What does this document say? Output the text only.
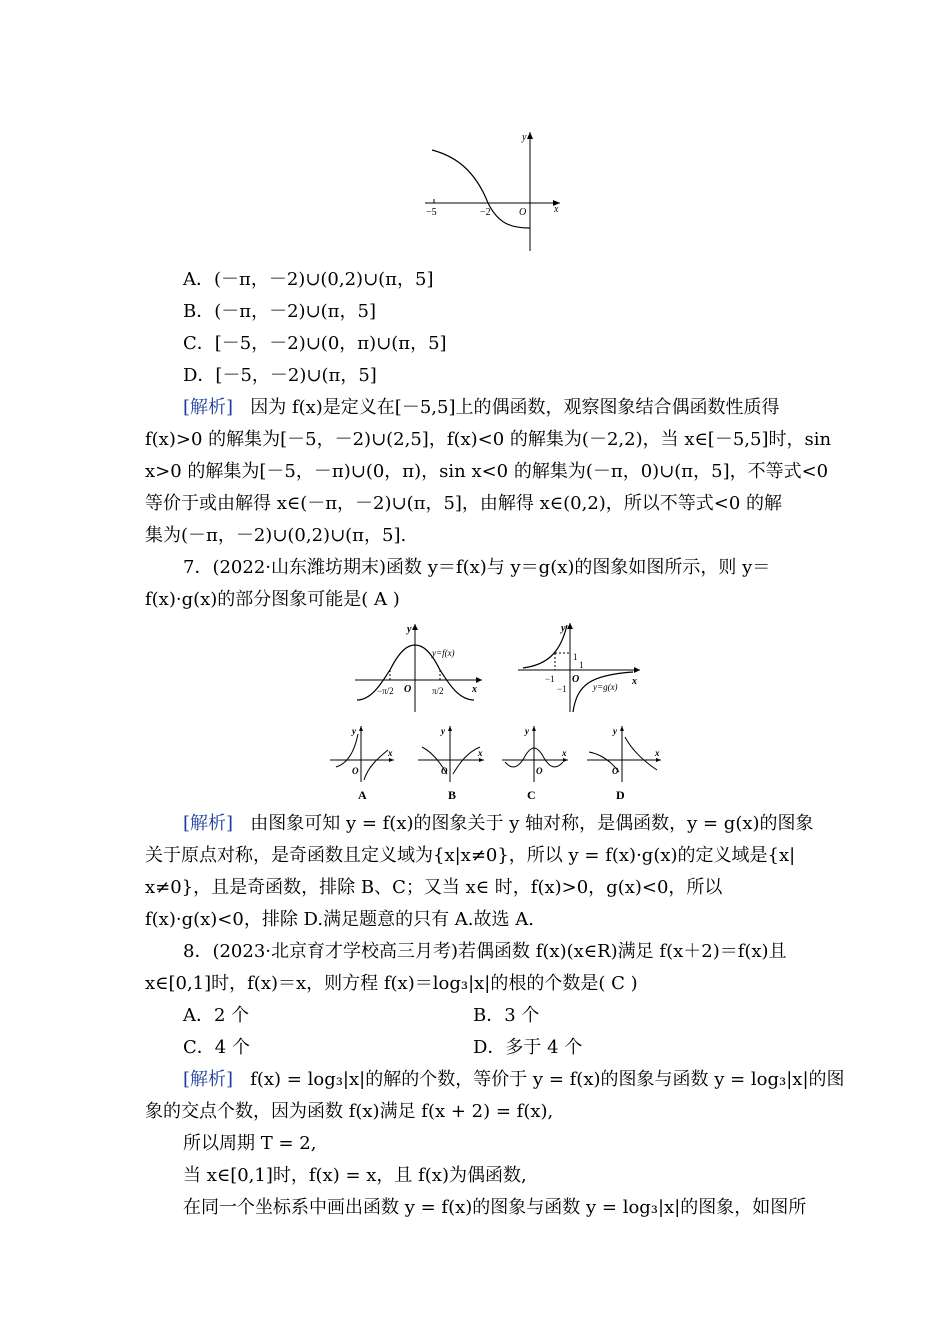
y
x
O
−5	−2
A．(－π，－2)∪(0,2)∪(π，5]
B．(－π，－2)∪(π，5]
C．[－5，－2)∪(0，π)∪(π，5]
D．[－5，－2)∪(π，5]
[解析] 因为 f(x)是定义在[－5,5]上的偶函数，观察图象结合偶函数性质得
f(x)>0 的解集为[－5，－2)∪(2,5]，f(x)<0 的解集为(－2,2)，当 x∈[－5,5]时，sin
x>0 的解集为[－5，－π)∪(0，π)，sin x<0 的解集为(－π，0)∪(π，5]，不等式<0
等价于或由解得 x∈(－π，－2)∪(π，5]，由解得 x∈(0,2)，所以不等式<0 的解
集为(－π，－2)∪(0,2)∪(π，5].
7．(2022·山东潍坊期末)函数 y＝f(x)与 y＝g(x)的图象如图所示，则 y＝
f(x)·g(x)的部分图象可能是( A )
y
x
O
y=f(x)
−π/2	π/2
y
x
O
1
1
−1
−1	y=g(x)
y
x
O
A
y
x
O
B
y
x
O
C
y
x
O
D
[解析] 由图象可知 y = f(x)的图象关于 y 轴对称，是偶函数，y = g(x)的图象
关于原点对称，是奇函数且定义域为{x|x≠0}，所以 y = f(x)·g(x)的定义域是{x|
x≠0}，且是奇函数，排除 B、C；又当 x∈ 时，f(x)>0，g(x)<0，所以
f(x)·g(x)<0，排除 D.满足题意的只有 A.故选 A.
8．(2023·北京育才学校高三月考)若偶函数 f(x)(x∈R)满足 f(x＋2)＝f(x)且
x∈[0,1]时，f(x)＝x，则方程 f(x)＝log₃|x|的根的个数是( C )
A．2 个	B．3 个
C．4 个	D．多于 4 个
[解析] f(x) = log₃|x|的解的个数，等价于 y = f(x)的图象与函数 y = log₃|x|的图
象的交点个数，因为函数 f(x)满足 f(x + 2) = f(x),
所以周期 T = 2,
当 x∈[0,1]时，f(x) = x，且 f(x)为偶函数,
在同一个坐标系中画出函数 y = f(x)的图象与函数 y = log₃|x|的图象，如图所
